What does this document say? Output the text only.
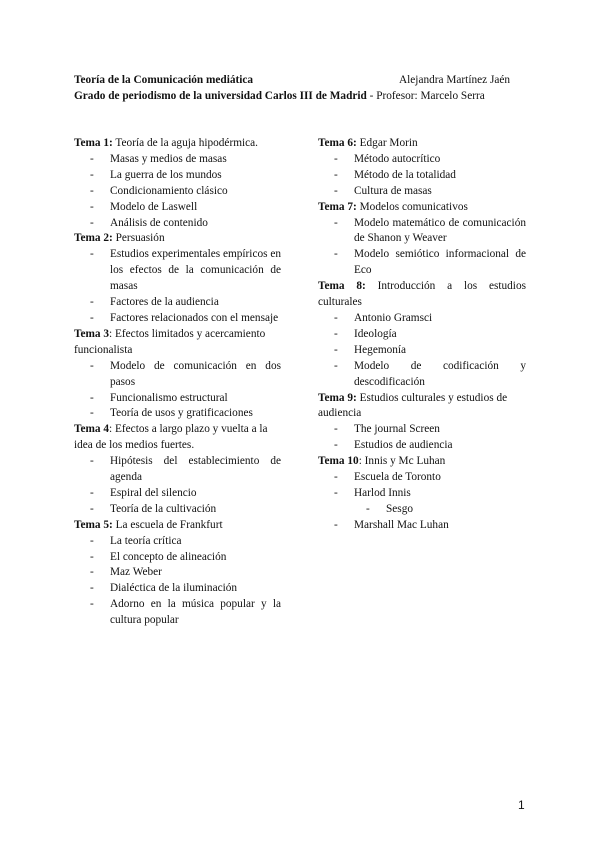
Teoría de la Comunicación mediática	Alejandra Martínez Jaén
Grado de periodismo de la universidad Carlos III de Madrid - Profesor: Marcelo Serra
Tema 1: Teoría de la aguja hipodérmica.
- Masas y medios de masas
- La guerra de los mundos
- Condicionamiento clásico
- Modelo de Laswell
- Análisis de contenido
Tema 2: Persuasión
- Estudios experimentales empíricos en los efectos de la comunicación de masas
- Factores de la audiencia
- Factores relacionados con el mensaje
Tema 3: Efectos limitados y acercamiento funcionalista
- Modelo de comunicación en dos pasos
- Funcionalismo estructural
- Teoría de usos y gratificaciones
Tema 4: Efectos a largo plazo y vuelta a la idea de los medios fuertes.
- Hipótesis del establecimiento de agenda
- Espiral del silencio
- Teoría de la cultivación
Tema 5: La escuela de Frankfurt
- La teoría crítica
- El concepto de alineación
- Maz Weber
- Dialéctica de la iluminación
- Adorno en la música popular y la cultura popular
Tema 6: Edgar Morin
- Método autocrítico
- Método de la totalidad
- Cultura de masas
Tema 7: Modelos comunicativos
- Modelo matemático de comunicación de Shanon y Weaver
- Modelo semiótico informacional de Eco
Tema 8: Introducción a los estudios culturales
- Antonio Gramsci
- Ideología
- Hegemonía
- Modelo de codificación y descodificación
Tema 9: Estudios culturales y estudios de audiencia
- The journal Screen
- Estudios de audiencia
Tema 10: Innis y Mc Luhan
- Escuela de Toronto
- Harlod Innis
- Sesgo
- Marshall Mac Luhan
1
